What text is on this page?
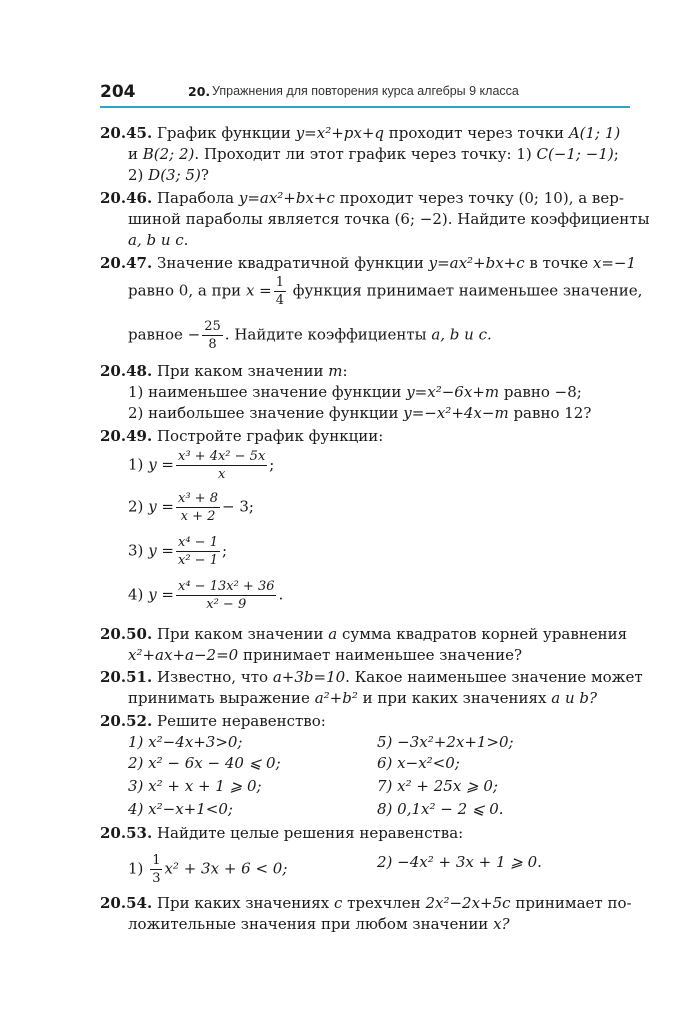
204	20. Упражнения для повторения курса алгебры 9 класса
20.45. График функции y=x²+px+q проходит через точки A(1; 1)
и B(2; 2). Проходит ли этот график через точку: 1) C(−1; −1);
2) D(3; 5)?
20.46. Парабола y=ax²+bx+c проходит через точку (0; 10), а вер-
шиной параболы является точка (6; −2). Найдите коэффициенты
a, b и c.
20.47. Значение квадратичной функции y=ax²+bx+c в точке x=−1
равно 0, а при $x = \frac{1}{4}$ функция принимает наименьшее значение,
равное − $\frac{25}{8}$ . Найдите коэффициенты a, b и c.
20.48. При каком значении m:
1) наименьшее значение функции y=x²−6x+m равно −8;
2) наибольшее значение функции y=−x²+4x−m равно 12?
20.49. Постройте график функции:
1) $y = \frac{\text{x³ + 4x² − 5x}}{x}$ ;
2) $y = \frac{\text{x³ + 8}}{x + 2} - 3$;
3) $y = \frac{\text{x⁴ − 1}}{\text{x² − 1}}$ ;
4) $y = \frac{\text{x⁴ − 13x² + 36}}{\text{x² − 9}}$ .
20.50. При каком значении a сумма квадратов корней уравнения
x²+ax+a−2=0 принимает наименьшее значение?
20.51. Известно, что a+3b=10. Какое наименьшее значение может
принимать выражение a²+b² и при каких значениях a и b?
20.52. Решите неравенство:
1) x²−4x+3>0;
2) x² − 6x − 40 ⩽ 0;
3) x² + x + 1 ⩾ 0;
4) x²−x+1<0;
5) −3x²+2x+1>0;
6) x−x²<0;
7) x² + 25x ⩾ 0;
8) 0,1x² − 2 ⩽ 0.
20.53. Найдите целые решения неравенства:
$1) \frac{1}{3} x^2 + 3x + 6 < 0$;	2) −4x² + 3x + 1 ⩾ 0.
20.54. При каких значениях c трехчлен 2x²−2x+5c принимает по-
ложительные значения при любом значении x?
